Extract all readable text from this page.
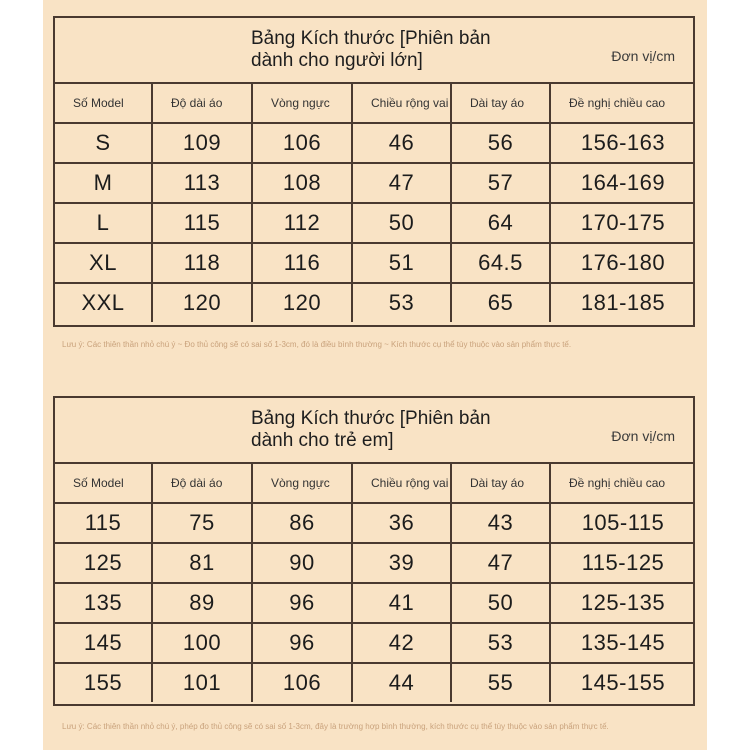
Bảng Kích thước [Phiên bản dành cho người lớn]	Đơn vị/cm
Số Model	Độ dài áo	Vòng ngực	Chiều rộng vai	Dài tay áo	Đề nghị chiều cao
S	109	106	46	56	156-163
M	113	108	47	57	164-169
L	115	112	50	64	170-175
XL	118	116	51	64.5	176-180
XXL	120	120	53	65	181-185
Lưu ý: Các thiên thần nhỏ chú ý ~ Đo thủ công sẽ có sai số 1-3cm, đó là điều bình thường ~ Kích thước cụ thể tùy thuộc vào sản phẩm thực tế.
Bảng Kích thước [Phiên bản dành cho trẻ em]	Đơn vị/cm
Số Model	Độ dài áo	Vòng ngực	Chiều rộng vai	Dài tay áo	Đề nghị chiều cao
115	75	86	36	43	105-115
125	81	90	39	47	115-125
135	89	96	41	50	125-135
145	100	96	42	53	135-145
155	101	106	44	55	145-155
Lưu ý: Các thiên thần nhỏ chú ý, phép đo thủ công sẽ có sai số 1-3cm, đây là trường hợp bình thường, kích thước cụ thể tùy thuộc vào sản phẩm thực tế.
